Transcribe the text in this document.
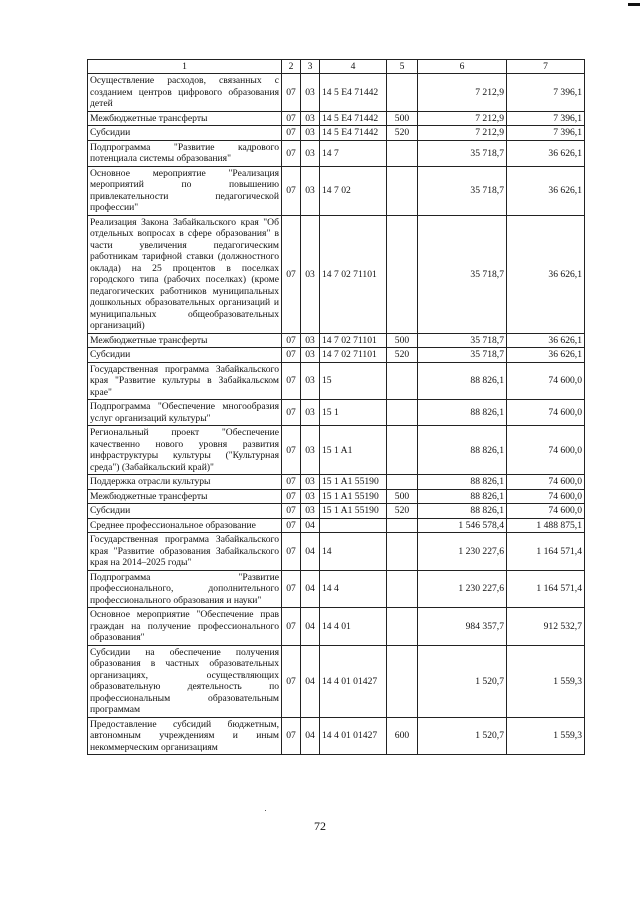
1	2	3	4	5	6	7
Осуществление расходов, связанных с созданием центров цифрового образования детей	07	03	14 5 E4 71442		7 212,9	7 396,1
Межбюджетные трансферты	07	03	14 5 E4 71442	500	7 212,9	7 396,1
Субсидии	07	03	14 5 E4 71442	520	7 212,9	7 396,1
Подпрограмма "Развитие кадрового потенциала системы образования"	07	03	14 7		35 718,7	36 626,1
Основное мероприятие "Реализация мероприятий по повышению привлекательности педагогической профессии"	07	03	14 7 02		35 718,7	36 626,1
Реализация Закона Забайкальского края "Об отдельных вопросах в сфере образования" в части увеличения педагогическим работникам тарифной ставки (должностного оклада) на 25 процентов в поселках городского типа (рабочих поселках) (кроме педагогических работников муниципальных дошкольных образовательных организаций и муниципальных общеобразовательных организаций)	07	03	14 7 02 71101		35 718,7	36 626,1
Межбюджетные трансферты	07	03	14 7 02 71101	500	35 718,7	36 626,1
Субсидии	07	03	14 7 02 71101	520	35 718,7	36 626,1
Государственная программа Забайкальского края "Развитие культуры в Забайкальском крае"	07	03	15		88 826,1	74 600,0
Подпрограмма "Обеспечение многообразия услуг организаций культуры"	07	03	15 1		88 826,1	74 600,0
Региональный проект "Обеспечение качественно нового уровня развития инфраструктуры культуры ("Культурная среда") (Забайкальский край)"	07	03	15 1 A1		88 826,1	74 600,0
Поддержка отрасли культуры	07	03	15 1 A1 55190		88 826,1	74 600,0
Межбюджетные трансферты	07	03	15 1 A1 55190	500	88 826,1	74 600,0
Субсидии	07	03	15 1 A1 55190	520	88 826,1	74 600,0
Среднее профессиональное образование	07	04			1 546 578,4	1 488 875,1
Государственная программа Забайкальского края "Развитие образования Забайкальского края на 2014–2025 годы"	07	04	14		1 230 227,6	1 164 571,4
Подпрограмма "Развитие профессионального, дополнительного профессионального образования и науки"	07	04	14 4		1 230 227,6	1 164 571,4
Основное мероприятие "Обеспечение прав граждан на получение профессионального образования"	07	04	14 4 01		984 357,7	912 532,7
Субсидии на обеспечение получения образования в частных образовательных организациях, осуществляющих образовательную деятельность по профессиональным образовательным программам	07	04	14 4 01 01427		1 520,7	1 559,3
Предоставление субсидий бюджетным, автономным учреждениям и иным некоммерческим организациям	07	04	14 4 01 01427	600	1 520,7	1 559,3
72
